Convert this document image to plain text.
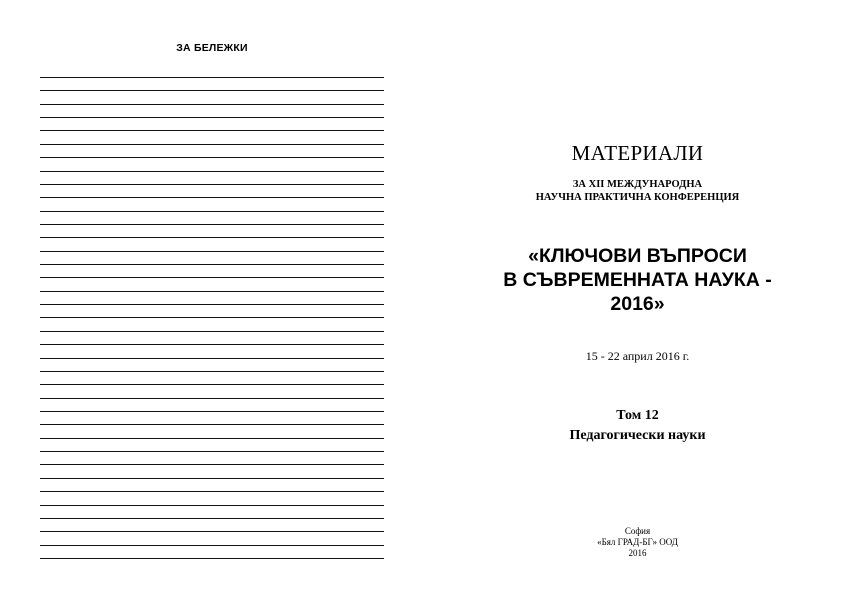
ЗА БЕЛЕЖКИ
МАТЕРИАЛИ
ЗА XII МЕЖДУНАРОДНА
НАУЧНА ПРАКТИЧНА КОНФЕРЕНЦИЯ
«КЛЮЧОВИ ВЪПРОСИ
В СЪВРЕМЕННАТА НАУКА -
2016»
15 - 22 април 2016 г.
Том 12
Педагогически науки
София
«Бял ГРАД-БГ» ООД
2016
